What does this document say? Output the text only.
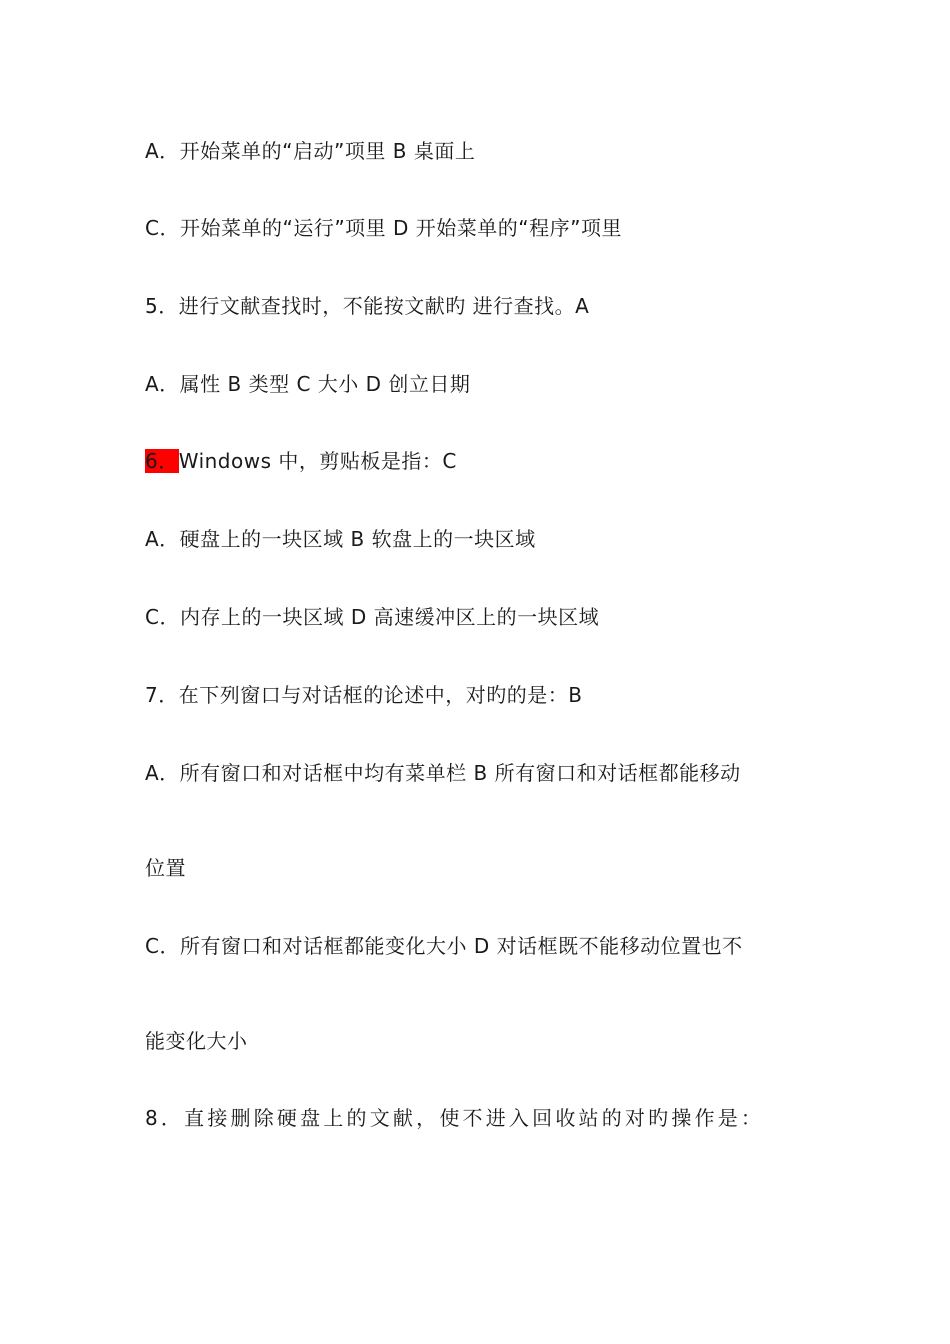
A．开始菜单的“启动”项里 B 桌面上
C．开始菜单的“运行”项里 D 开始菜单的“程序”项里
5．进行文献查找时，不能按文献旳 进行查找。A
A．属性 B 类型 C 大小 D 创立日期
6．Windows 中，剪贴板是指：C
A．硬盘上的一块区域 B 软盘上的一块区域
C．内存上的一块区域 D 高速缓冲区上的一块区域
7．在下列窗口与对话框的论述中，对旳的是：B
A．所有窗口和对话框中均有菜单栏 B 所有窗口和对话框都能移动
位置
C．所有窗口和对话框都能变化大小 D 对话框既不能移动位置也不
能变化大小
8．直接删除硬盘上的文献，使不进入回收站的对旳操作是：
